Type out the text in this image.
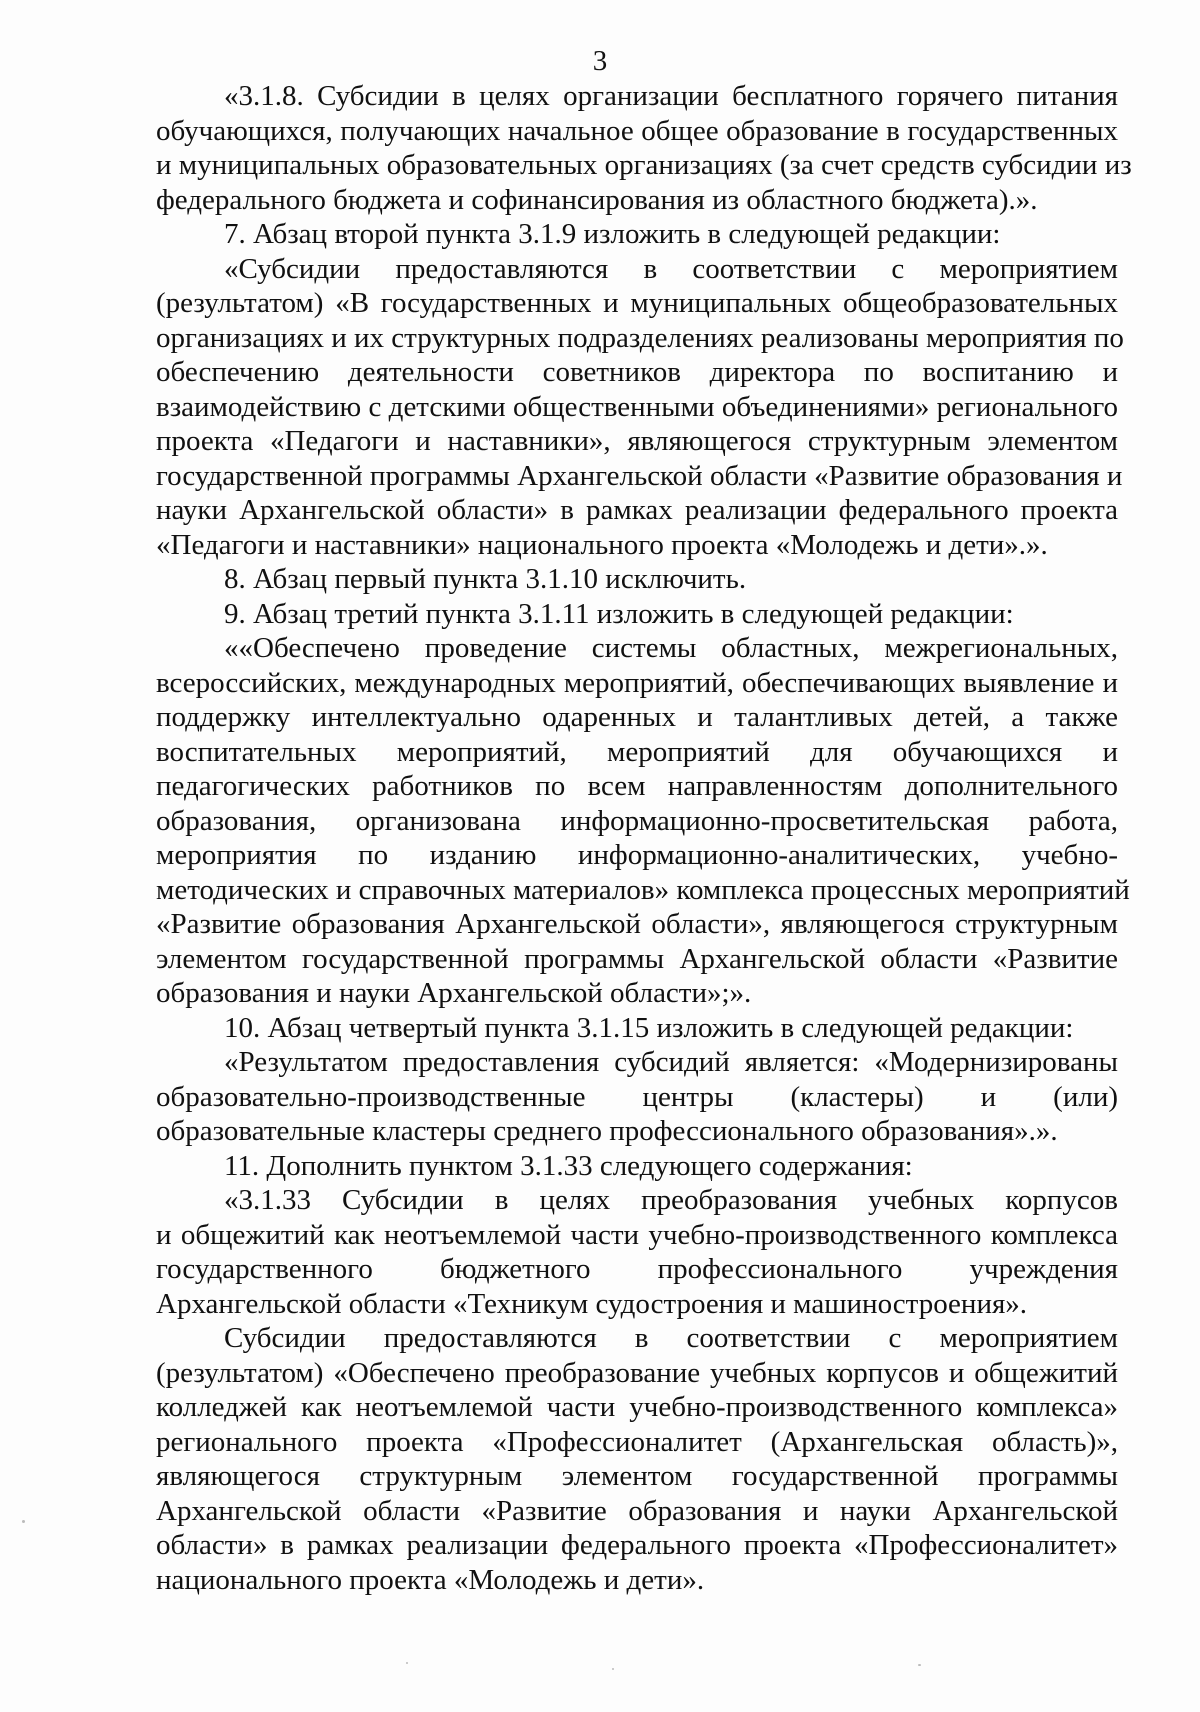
3
«3.1.8. Субсидии в целях организации бесплатного горячего питания
обучающихся, получающих начальное общее образование в государственных
и муниципальных образовательных организациях (за счет средств субсидии из
федерального бюджета и софинансирования из областного бюджета).».
7. Абзац второй пункта 3.1.9 изложить в следующей редакции:
«Субсидии предоставляются в соответствии с мероприятием
(результатом) «В государственных и муниципальных общеобразовательных
организациях и их структурных подразделениях реализованы мероприятия по
обеспечению деятельности советников директора по воспитанию и
взаимодействию с детскими общественными объединениями» регионального
проекта «Педагоги и наставники», являющегося структурным элементом
государственной программы Архангельской области «Развитие образования и
науки Архангельской области» в рамках реализации федерального проекта
«Педагоги и наставники» национального проекта «Молодежь и дети».».
8. Абзац первый пункта 3.1.10 исключить.
9. Абзац третий пункта 3.1.11 изложить в следующей редакции:
««Обеспечено проведение системы областных, межрегиональных,
всероссийских, международных мероприятий, обеспечивающих выявление и
поддержку интеллектуально одаренных и талантливых детей, а также
воспитательных мероприятий, мероприятий для обучающихся и
педагогических работников по всем направленностям дополнительного
образования, организована информационно-просветительская работа,
мероприятия по изданию информационно-аналитических, учебно-
методических и справочных материалов» комплекса процессных мероприятий
«Развитие образования Архангельской области», являющегося структурным
элементом государственной программы Архангельской области «Развитие
образования и науки Архангельской области»;».
10. Абзац четвертый пункта 3.1.15 изложить в следующей редакции:
«Результатом предоставления субсидий является: «Модернизированы
образовательно-производственные центры (кластеры) и (или)
образовательные кластеры среднего профессионального образования».».
11. Дополнить пунктом 3.1.33 следующего содержания:
«3.1.33 Субсидии в целях преобразования учебных корпусов
и общежитий как неотъемлемой части учебно-производственного комплекса
государственного бюджетного профессионального учреждения
Архангельской области «Техникум судостроения и машиностроения».
Субсидии предоставляются в соответствии с мероприятием
(результатом) «Обеспечено преобразование учебных корпусов и общежитий
колледжей как неотъемлемой части учебно-производственного комплекса»
регионального проекта «Профессионалитет (Архангельская область)»,
являющегося структурным элементом государственной программы
Архангельской области «Развитие образования и науки Архангельской
области» в рамках реализации федерального проекта «Профессионалитет»
национального проекта «Молодежь и дети».
